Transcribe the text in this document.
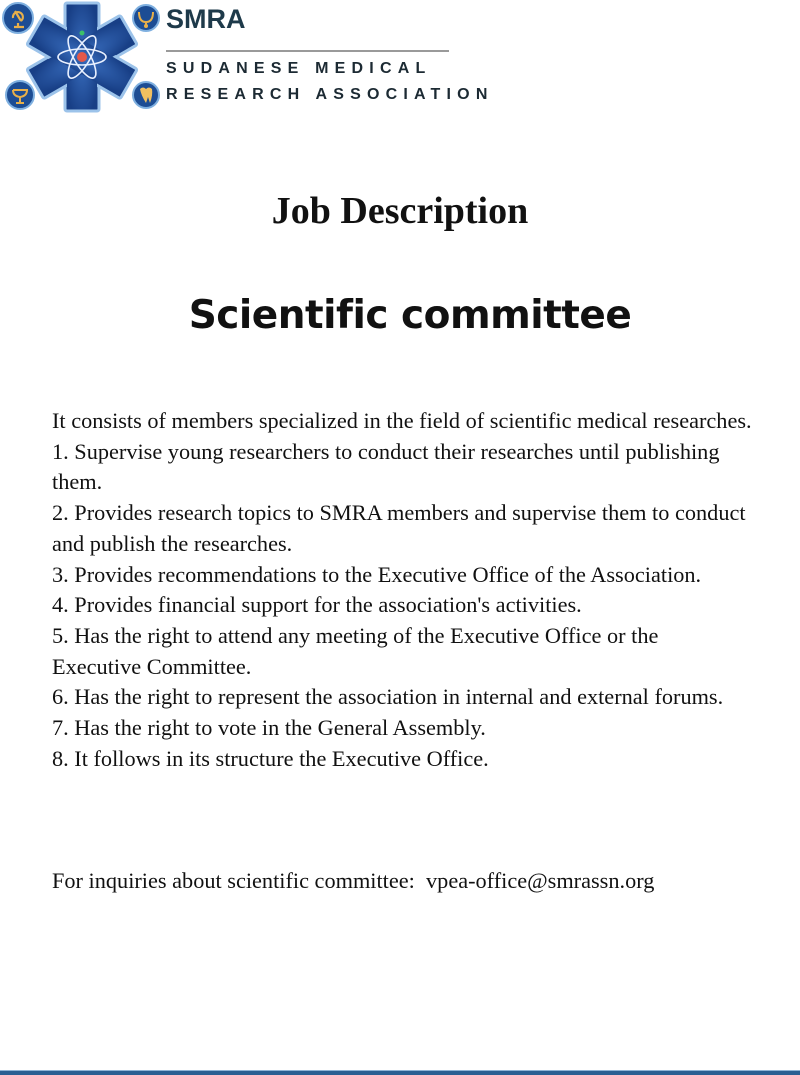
SMRA
SUDANESE MEDICAL
RESEARCH ASSOCIATION
Job Description
Scientific committee

It consists of members specialized in the field of scientific medical researches.

1. Supervise young researchers to conduct their researches until publishing them.

2. Provides research topics to SMRA members and supervise them to conduct and publish the researches.

3. Provides recommendations to the Executive Office of the Association.

4. Provides financial support for the association's activities.

5. Has the right to attend any meeting of the Executive Office or the Executive Committee.

6. Has the right to represent the association in internal and external forums.

7. Has the right to vote in the General Assembly.

8. It follows in its structure the Executive Office.

For inquiries about scientific committee:  vpea-office@smrassn.org
